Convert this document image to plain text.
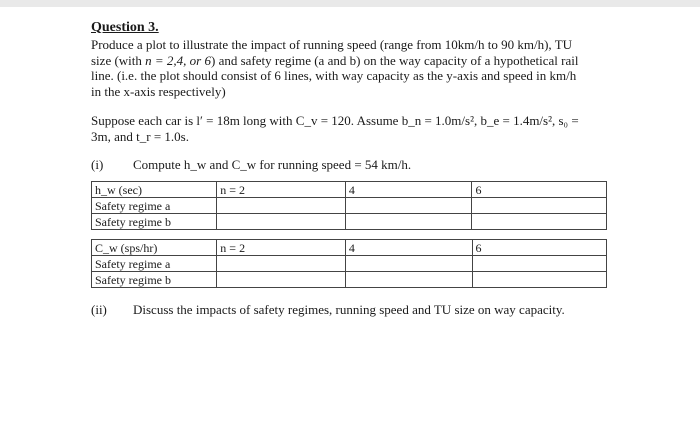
Question 3.

Produce a plot to illustrate the impact of running speed (range from 10km/h to 90 km/h), TU
size (with n = 2,4, or 6) and safety regime (a and b) on the way capacity of a hypothetical rail
line. (i.e. the plot should consist of 6 lines, with way capacity as the y-axis and speed in km/h
in the x-axis respectively)

Suppose each car is l′ = 18m long with C_v = 120. Assume b_n = 1.0m/s², b_e = 1.4m/s², s₀ =
3m, and t_r = 1.0s.

(i)	Compute h_w and C_w for running speed = 54 km/h.
h_w (sec)	n = 2	4	6
Safety regime a			
Safety regime b			
C_w (sps/hr)	n = 2	4	6
Safety regime a			
Safety regime b			
(ii)	Discuss the impacts of safety regimes, running speed and TU size on way capacity.
